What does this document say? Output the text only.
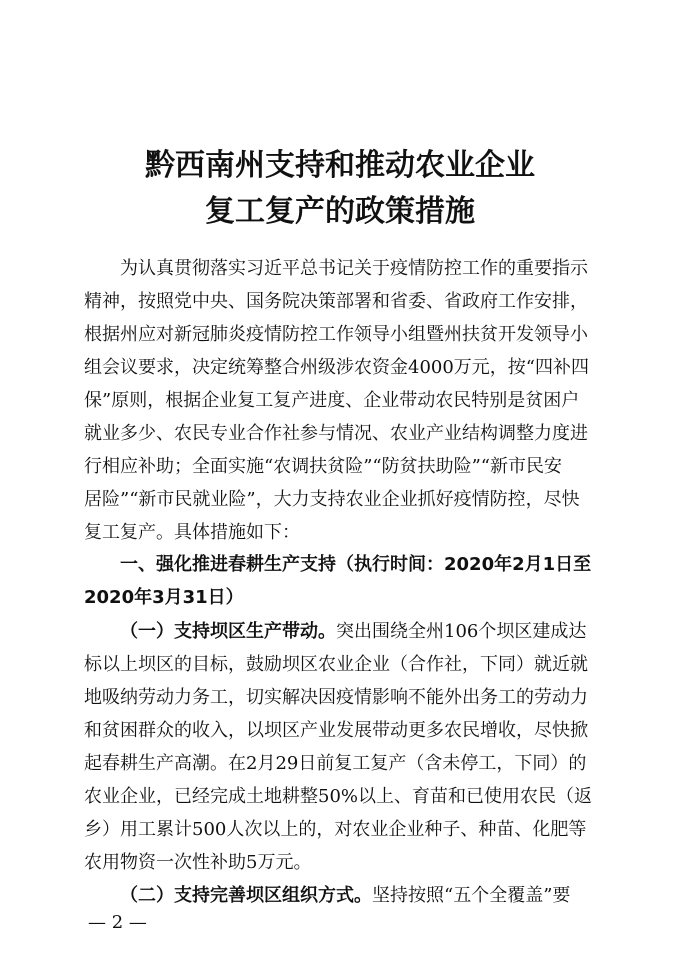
黔西南州支持和推动农业企业
复工复产的政策措施
为认真贯彻落实习近平总书记关于疫情防控工作的重要指示
精神，按照党中央、国务院决策部署和省委、省政府工作安排，
根据州应对新冠肺炎疫情防控工作领导小组暨州扶贫开发领导小
组会议要求，决定统筹整合州级涉农资金4000万元，按“四补四
保”原则，根据企业复工复产进度、企业带动农民特别是贫困户
就业多少、农民专业合作社参与情况、农业产业结构调整力度进
行相应补助；全面实施“农调扶贫险”“防贫扶助险”“新市民安
居险”“新市民就业险”，大力支持农业企业抓好疫情防控，尽快
复工复产。具体措施如下：
一、强化推进春耕生产支持（执行时间：2020年2月1日至
2020年3月31日）
（一）支持坝区生产带动。突出围绕全州106个坝区建成达
标以上坝区的目标，鼓励坝区农业企业（合作社，下同）就近就
地吸纳劳动力务工，切实解决因疫情影响不能外出务工的劳动力
和贫困群众的收入，以坝区产业发展带动更多农民增收，尽快掀
起春耕生产高潮。在2月29日前复工复产（含未停工，下同）的
农业企业，已经完成土地耕整50%以上、育苗和已使用农民（返
乡）用工累计500人次以上的，对农业企业种子、种苗、化肥等
农用物资一次性补助5万元。
（二）支持完善坝区组织方式。坚持按照“五个全覆盖”要
— 2 —
